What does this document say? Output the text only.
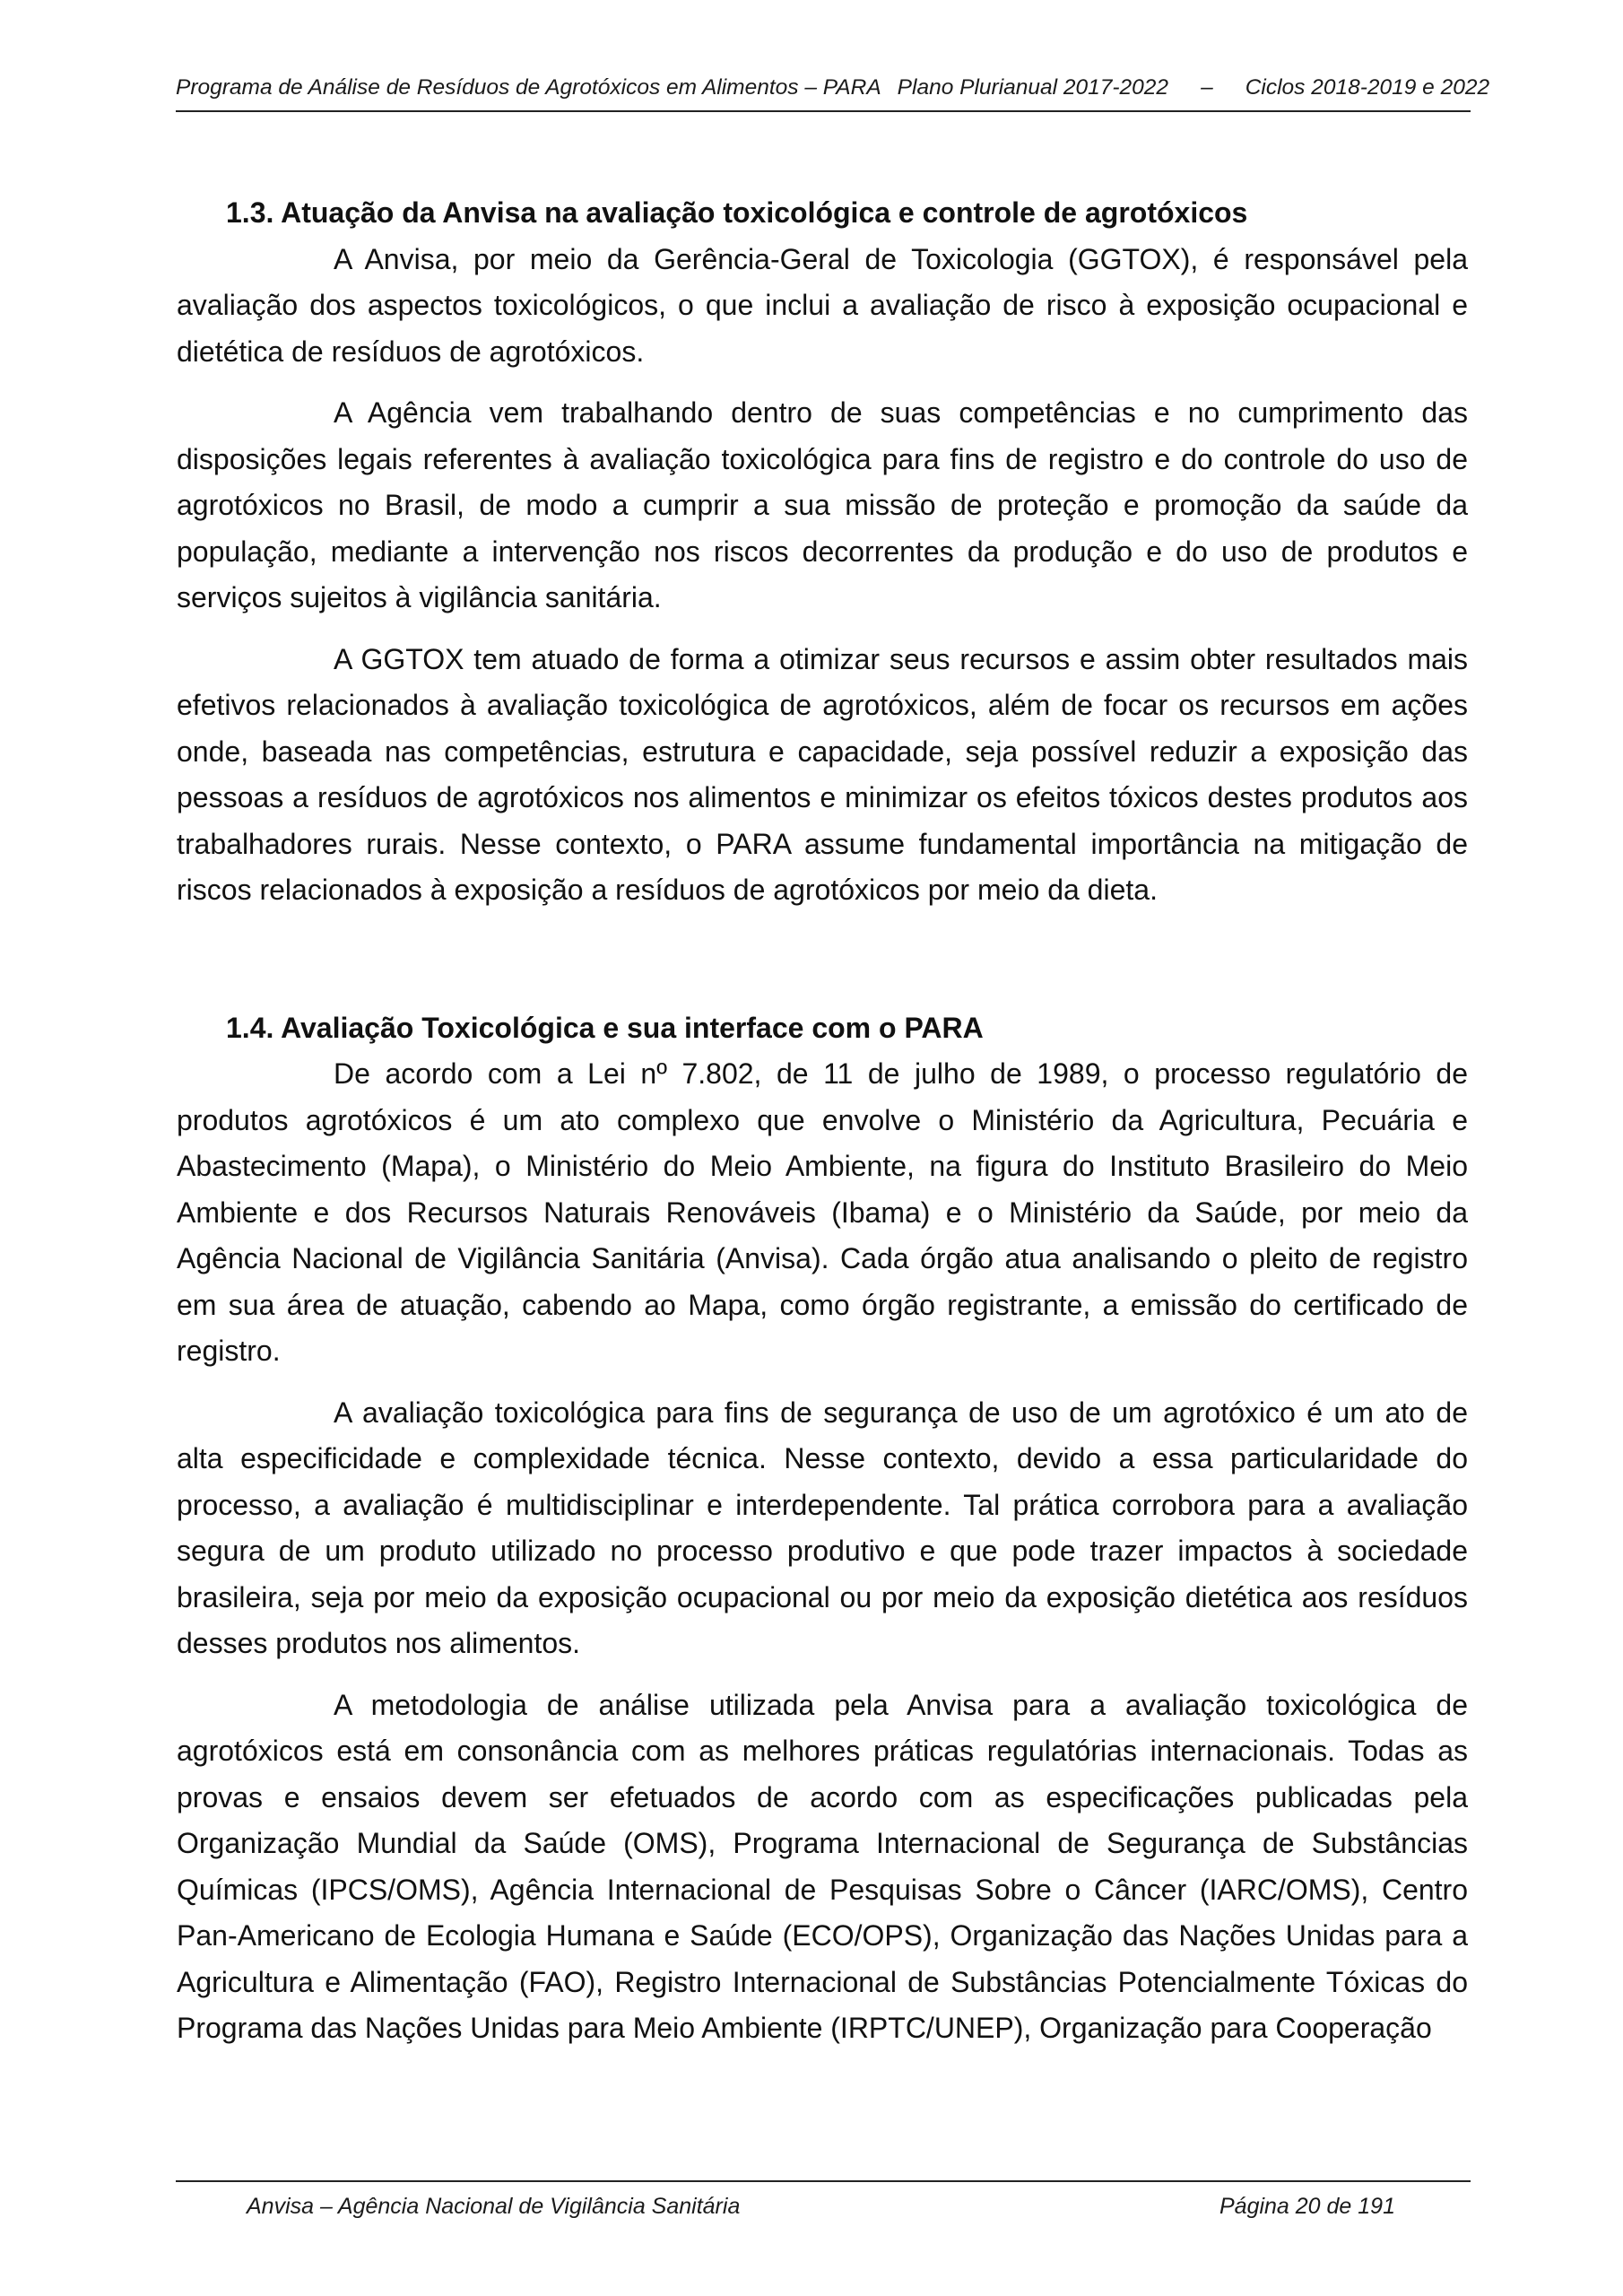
Programa de Análise de Resíduos de Agrotóxicos em Alimentos – PARA Plano Plurianual 2017-2022 – Ciclos 2018-2019 e 2022
1.3. Atuação da Anvisa na avaliação toxicológica e controle de agrotóxicos

A Anvisa, por meio da Gerência-Geral de Toxicologia (GGTOX), é responsável pela avaliação dos aspectos toxicológicos, o que inclui a avaliação de risco à exposição ocupacional e dietética de resíduos de agrotóxicos.

A Agência vem trabalhando dentro de suas competências e no cumprimento das disposições legais referentes à avaliação toxicológica para fins de registro e do controle do uso de agrotóxicos no Brasil, de modo a cumprir a sua missão de proteção e promoção da saúde da população, mediante a intervenção nos riscos decorrentes da produção e do uso de produtos e serviços sujeitos à vigilância sanitária.

A GGTOX tem atuado de forma a otimizar seus recursos e assim obter resultados mais efetivos relacionados à avaliação toxicológica de agrotóxicos, além de focar os recursos em ações onde, baseada nas competências, estrutura e capacidade, seja possível reduzir a exposição das pessoas a resíduos de agrotóxicos nos alimentos e minimizar os efeitos tóxicos destes produtos aos trabalhadores rurais. Nesse contexto, o PARA assume fundamental importância na mitigação de riscos relacionados à exposição a resíduos de agrotóxicos por meio da dieta.

1.4. Avaliação Toxicológica e sua interface com o PARA

De acordo com a Lei nº 7.802, de 11 de julho de 1989, o processo regulatório de produtos agrotóxicos é um ato complexo que envolve o Ministério da Agricultura, Pecuária e Abastecimento (Mapa), o Ministério do Meio Ambiente, na figura do Instituto Brasileiro do Meio Ambiente e dos Recursos Naturais Renováveis (Ibama) e o Ministério da Saúde, por meio da Agência Nacional de Vigilância Sanitária (Anvisa). Cada órgão atua analisando o pleito de registro em sua área de atuação, cabendo ao Mapa, como órgão registrante, a emissão do certificado de registro.

A avaliação toxicológica para fins de segurança de uso de um agrotóxico é um ato de alta especificidade e complexidade técnica. Nesse contexto, devido a essa particularidade do processo, a avaliação é multidisciplinar e interdependente. Tal prática corrobora para a avaliação segura de um produto utilizado no processo produtivo e que pode trazer impactos à sociedade brasileira, seja por meio da exposição ocupacional ou por meio da exposição dietética aos resíduos desses produtos nos alimentos.

A metodologia de análise utilizada pela Anvisa para a avaliação toxicológica de agrotóxicos está em consonância com as melhores práticas regulatórias internacionais. Todas as provas e ensaios devem ser efetuados de acordo com as especificações publicadas pela Organização Mundial da Saúde (OMS), Programa Internacional de Segurança de Substâncias Químicas (IPCS/OMS), Agência Internacional de Pesquisas Sobre o Câncer (IARC/OMS), Centro Pan-Americano de Ecologia Humana e Saúde (ECO/OPS), Organização das Nações Unidas para a Agricultura e Alimentação (FAO), Registro Internacional de Substâncias Potencialmente Tóxicas do Programa das Nações Unidas para Meio Ambiente (IRPTC/UNEP), Organização para Cooperação

Anvisa – Agência Nacional de Vigilância Sanitária	Página 20 de 191
